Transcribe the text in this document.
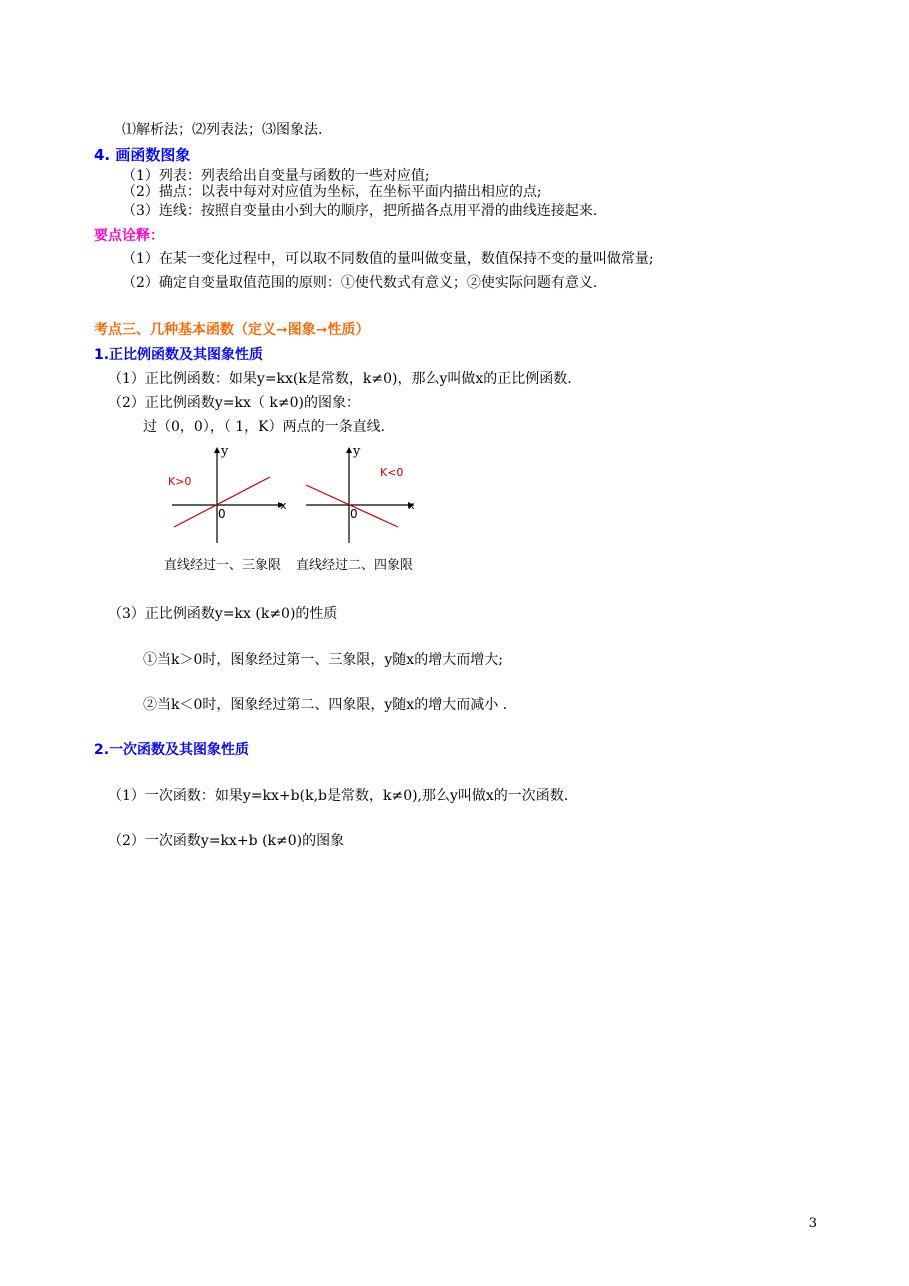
⑴解析法；⑵列表法；⑶图象法.
4. 画函数图象
（1）列表：列表给出自变量与函数的一些对应值;
（2）描点：以表中每对对应值为坐标，在坐标平面内描出相应的点;
（3）连线：按照自变量由小到大的顺序，把所描各点用平滑的曲线连接起来.
要点诠释：
（1）在某一变化过程中，可以取不同数值的量叫做变量，数值保持不变的量叫做常量;
（2）确定自变量取值范围的原则：①使代数式有意义；②使实际问题有意义.
考点三、几种基本函数（定义➞图象➞性质）
1.正比例函数及其图象性质
（1）正比例函数：如果y=kx(k是常数，k≠0)，那么y叫做x的正比例函数.
（2）正比例函数y=kx（ k≠0)的图象：
过（0，0），（ 1，K）两点的一条直线.
y
x
0
K>0
y
x
0
K<0
直线经过一、三象限 直线经过二、四象限
（3）正比例函数y=kx (k≠0)的性质
①当k＞0时，图象经过第一、三象限，y随x的增大而增大;
②当k＜0时，图象经过第二、四象限，y随x的增大而减小 .
2.一次函数及其图象性质
（1）一次函数：如果y=kx+b(k,b是常数，k≠0),那么y叫做x的一次函数.
（2）一次函数y=kx+b (k≠0)的图象
3
